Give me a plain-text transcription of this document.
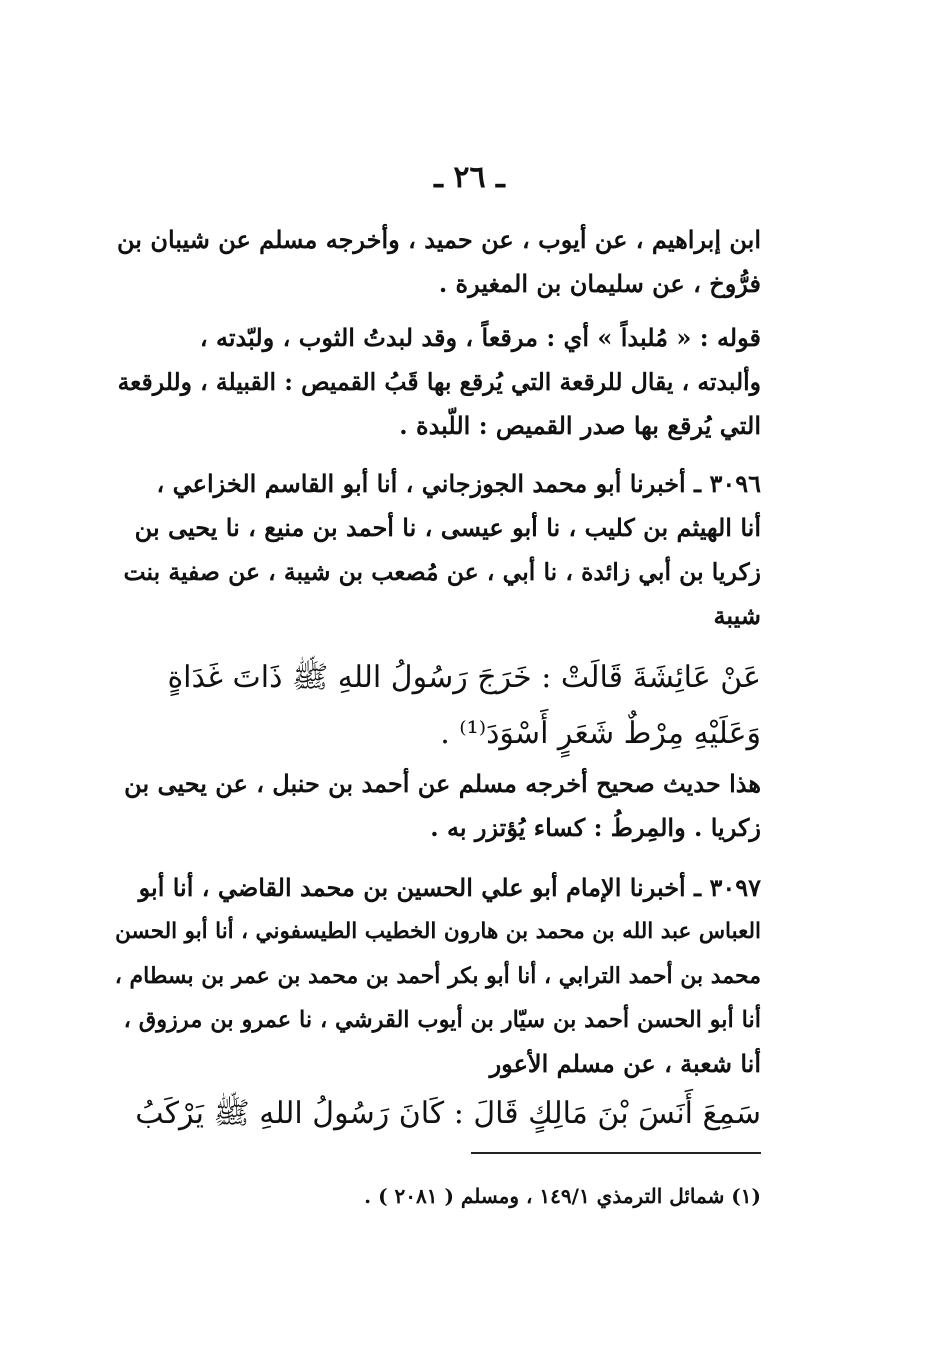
ـ ٢٦ ـ
ابن إبراهيم ، عن أيوب ، عن حميد ، وأخرجه مسلم عن شيبان بن
فرُّوخ ، عن سليمان بن المغيرة .
قوله : « مُلبداً » أي : مرقعاً ، وقد لبدتُ الثوب ، ولبّدته ،
وألبدته ، يقال للرقعة التي يُرقع بها قَبُ القميص : القبيلة ، وللرقعة
التي يُرقع بها صدر القميص : اللّبدة .
٣٠٩٦ ـ أخبرنا أبو محمد الجوزجاني ، أنا أبو القاسم الخزاعي ،
أنا الهيثم بن كليب ، نا أبو عيسى ، نا أحمد بن منيع ، نا يحيى بن
زكريا بن أبي زائدة ، نا أبي ، عن مُصعب بن شيبة ، عن صفية بنت
شيبة
عَنْ عَائِشَةَ قَالَتْ : خَرَجَ رَسُولُ اللهِ ﷺ ذَاتَ غَدَاةٍ
وَعَلَيْهِ مِرْطٌ شَعَرٍ أَسْوَدَ⁽¹⁾ .
هذا حديث صحيح أخرجه مسلم عن أحمد بن حنبل ، عن يحيى بن
زكريا . والمِرطُ : كساء يُؤتزر به .
٣٠٩٧ ـ أخبرنا الإمام أبو علي الحسين بن محمد القاضي ، أنا أبو
العباس عبد الله بن محمد بن هارون الخطيب الطيسفوني ، أنا أبو الحسن
محمد بن أحمد الترابي ، أنا أبو بكر أحمد بن محمد بن عمر بن بسطام ،
أنا أبو الحسن أحمد بن سيّار بن أيوب القرشي ، نا عمرو بن مرزوق ،
أنا شعبة ، عن مسلم الأعور
سَمِعَ أَنَسَ بْنَ مَالِكٍ قَالَ : كَانَ رَسُولُ اللهِ ﷺ يَرْكَبُ
(١) شمائل الترمذي ١٤٩/١ ، ومسلم ( ٢٠٨١ ) .
